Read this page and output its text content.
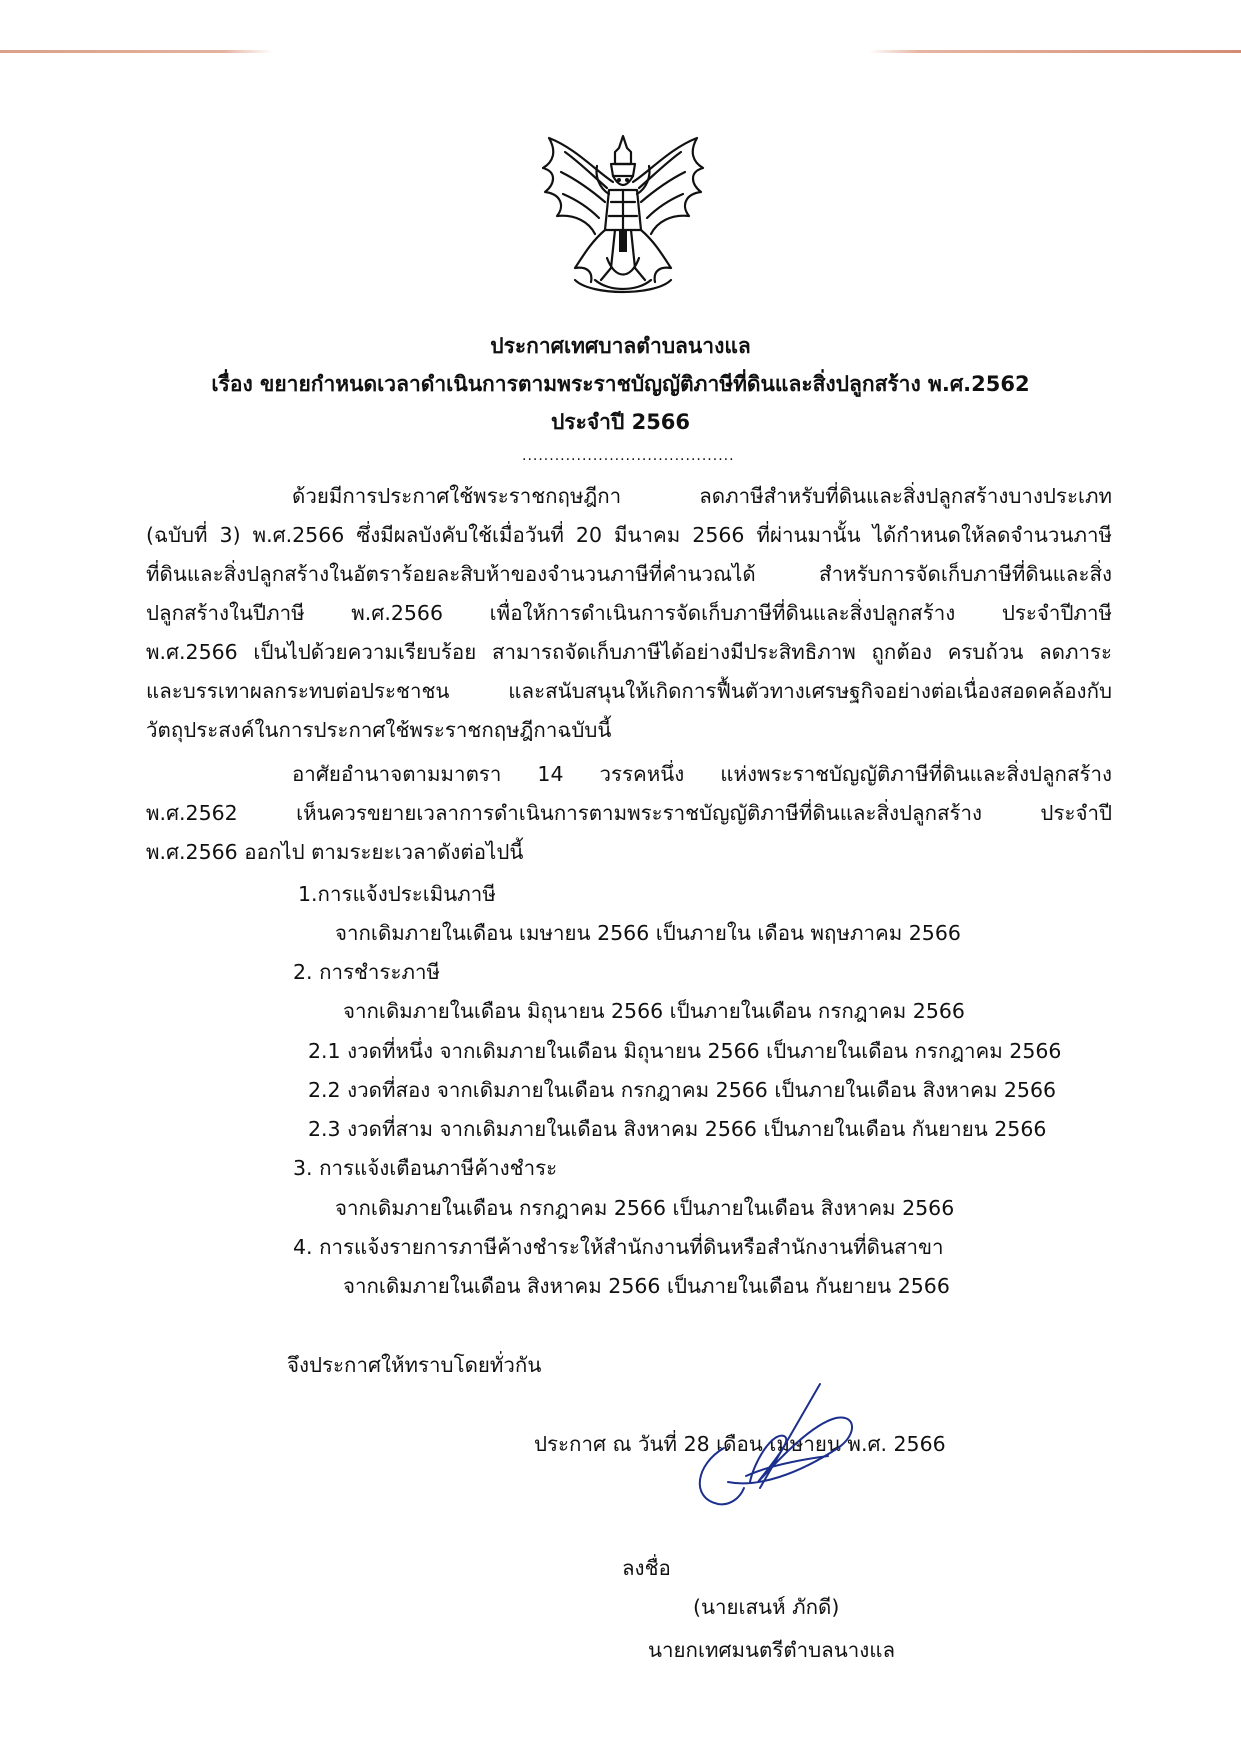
ประกาศเทศบาลตำบลนางแล
เรื่อง ขยายกำหนดเวลาดำเนินการตามพระราชบัญญัติภาษีที่ดินและสิ่งปลูกสร้าง พ.ศ.2562
ประจำปี 2566
.......................................
ด้วยมีการประกาศใช้พระราชกฤษฎีกา ลดภาษีสำหรับที่ดินและสิ่งปลูกสร้างบางประเภท
(ฉบับที่ 3) พ.ศ.2566 ซึ่งมีผลบังคับใช้เมื่อวันที่ 20 มีนาคม 2566 ที่ผ่านมานั้น ได้กำหนดให้ลดจำนวนภาษี
ที่ดินและสิ่งปลูกสร้างในอัตราร้อยละสิบห้าของจำนวนภาษีที่คำนวณได้ สำหรับการจัดเก็บภาษีที่ดินและสิ่ง
ปลูกสร้างในปีภาษี พ.ศ.2566 เพื่อให้การดำเนินการจัดเก็บภาษีที่ดินและสิ่งปลูกสร้าง ประจำปีภาษี
พ.ศ.2566 เป็นไปด้วยความเรียบร้อย สามารถจัดเก็บภาษีได้อย่างมีประสิทธิภาพ ถูกต้อง ครบถ้วน ลดภาระ
และบรรเทาผลกระทบต่อประชาชน และสนับสนุนให้เกิดการฟื้นตัวทางเศรษฐกิจอย่างต่อเนื่องสอดคล้องกับ
วัตถุประสงค์ในการประกาศใช้พระราชกฤษฎีกาฉบับนี้
อาศัยอำนาจตามมาตรา 14 วรรคหนึ่ง แห่งพระราชบัญญัติภาษีที่ดินและสิ่งปลูกสร้าง
พ.ศ.2562 เห็นควรขยายเวลาการดำเนินการตามพระราชบัญญัติภาษีที่ดินและสิ่งปลูกสร้าง ประจำปี
พ.ศ.2566 ออกไป ตามระยะเวลาดังต่อไปนี้
1.การแจ้งประเมินภาษี
จากเดิมภายในเดือน เมษายน 2566 เป็นภายใน เดือน พฤษภาคม 2566
2. การชำระภาษี
จากเดิมภายในเดือน มิถุนายน 2566 เป็นภายในเดือน กรกฎาคม 2566
2.1 งวดที่หนึ่ง จากเดิมภายในเดือน มิถุนายน 2566 เป็นภายในเดือน กรกฎาคม 2566
2.2 งวดที่สอง จากเดิมภายในเดือน กรกฎาคม 2566 เป็นภายในเดือน สิงหาคม 2566
2.3 งวดที่สาม จากเดิมภายในเดือน สิงหาคม 2566 เป็นภายในเดือน กันยายน 2566
3. การแจ้งเตือนภาษีค้างชำระ
จากเดิมภายในเดือน กรกฎาคม 2566 เป็นภายในเดือน สิงหาคม 2566
4. การแจ้งรายการภาษีค้างชำระให้สำนักงานที่ดินหรือสำนักงานที่ดินสาขา
จากเดิมภายในเดือน สิงหาคม 2566 เป็นภายในเดือน กันยายน 2566
จึงประกาศให้ทราบโดยทั่วกัน
ประกาศ ณ วันที่ 28 เดือน เมษายน พ.ศ. 2566
ลงชื่อ
(นายเสนห์ ภักดี)
นายกเทศมนตรีตำบลนางแล
